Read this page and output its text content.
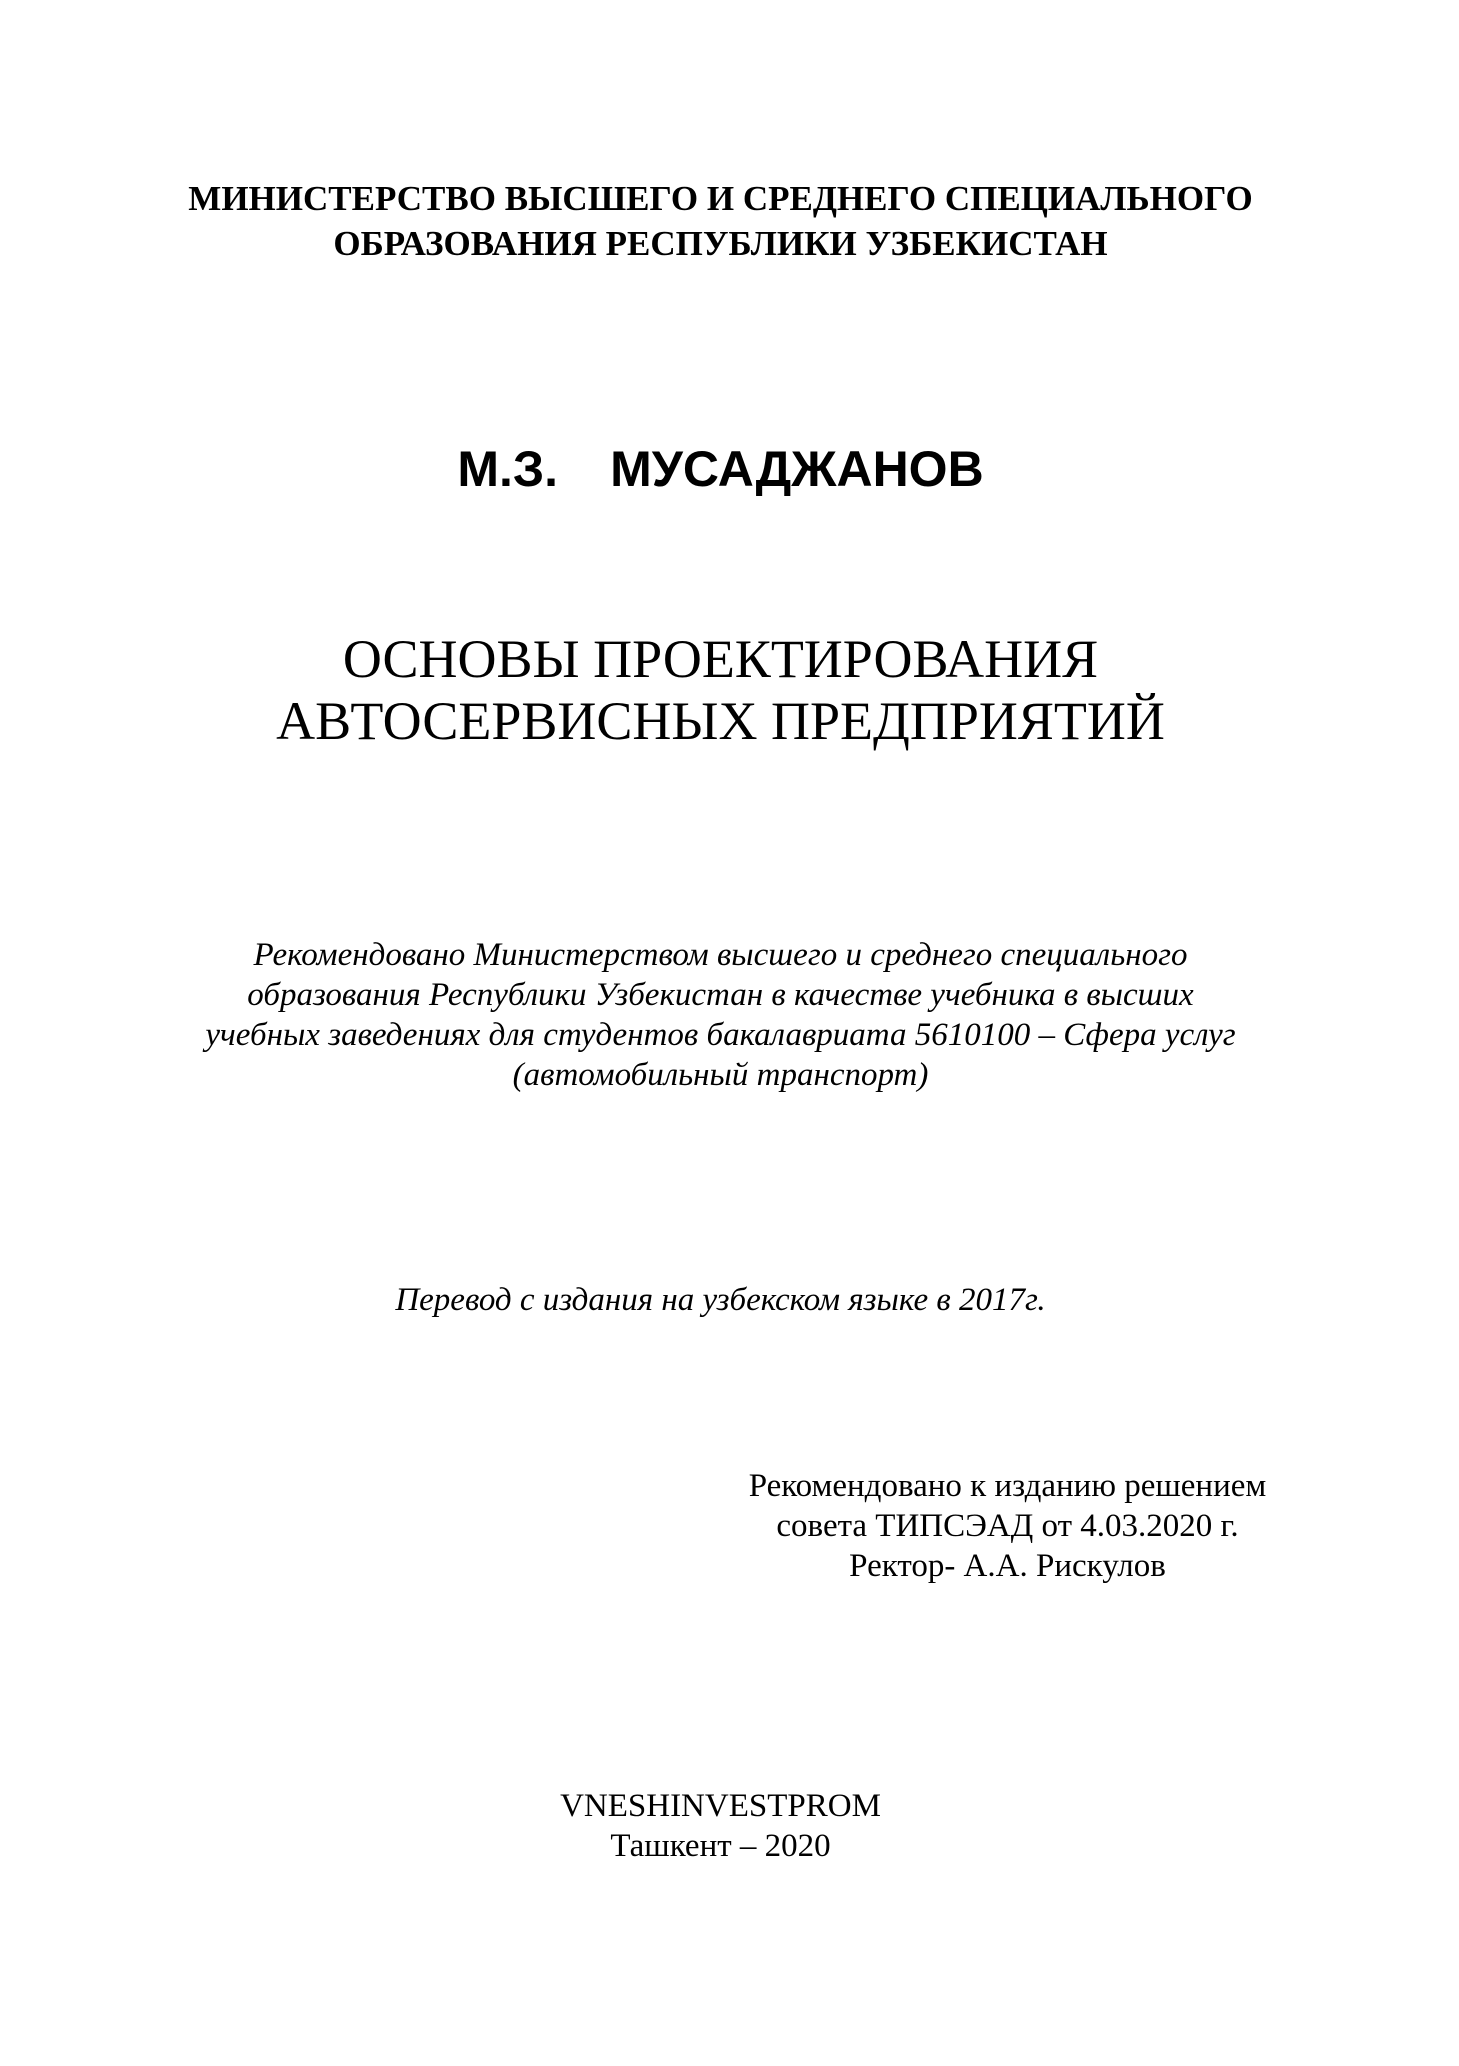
МИНИСТЕРСТВО ВЫСШЕГО И СРЕДНЕГО СПЕЦИАЛЬНОГО
ОБРАЗОВАНИЯ РЕСПУБЛИКИ УЗБЕКИСТАН
М.З. МУСАДЖАНОВ
ОСНОВЫ ПРОЕКТИРОВАНИЯ
АВТОСЕРВИСНЫХ ПРЕДПРИЯТИЙ
Рекомендовано Министерством высшего и среднего специального
образования Республики Узбекистан в качестве учебника в высших
учебных заведениях для студентов бакалавриата 5610100 – Сфера услуг
(автомобильный транспорт)
Перевод с издания на узбекском языке в 2017г.
Рекомендовано к изданию решением
совета ТИПСЭАД от 4.03.2020 г.
Ректор- А.А. Рискулов
VNESHINVESTPROM
Ташкент – 2020
